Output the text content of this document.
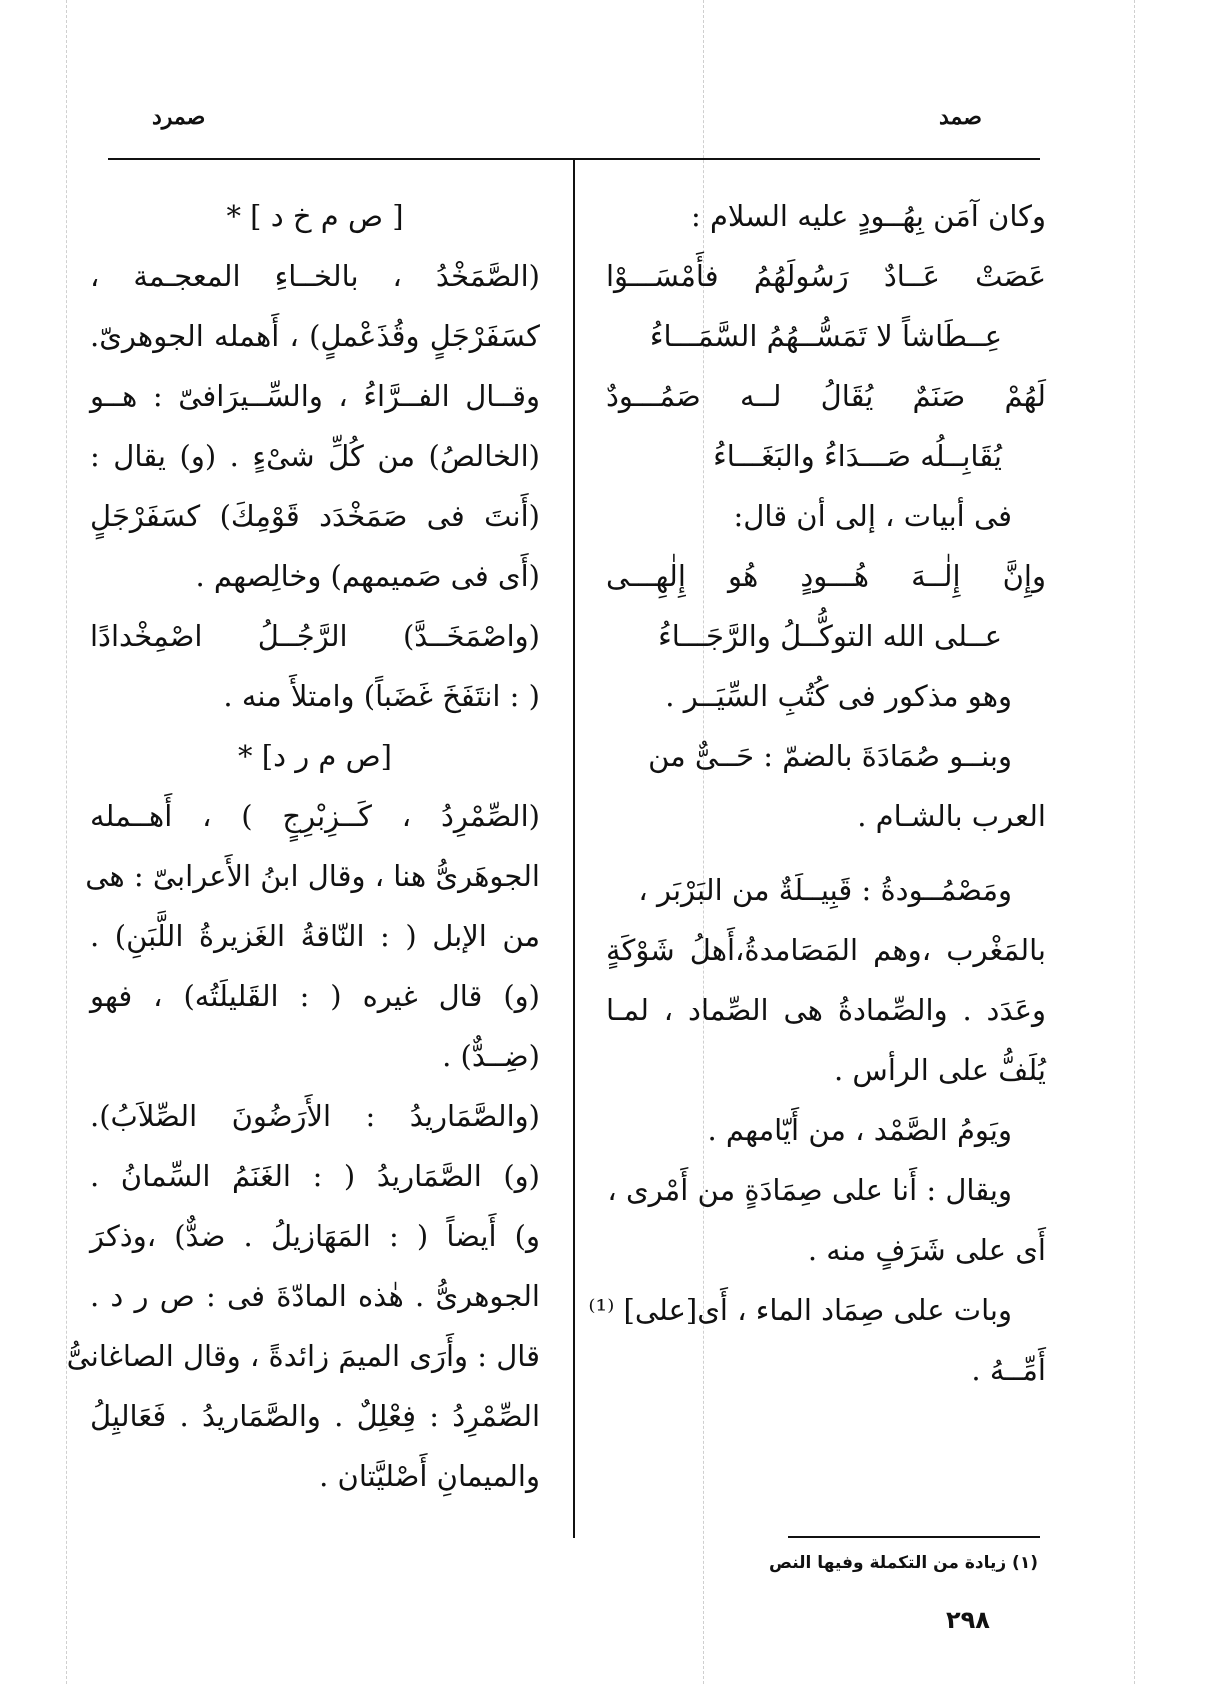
صمد
صمرد
وكان آمَن بِهُــودٍ عليه السلام :
عَصَتْ عَــادٌ رَسُولَهُمُ فأَمْسَـــوْا
عِــطَاشاً لا تَمَسُّــهُمُ السَّمَـــاءُ
لَهُمْ صَنَمٌ يُقَالُ لــه صَمُـــودٌ
يُقَابِــلُه صَـــدَاءُ والبَغَـــاءُ
فى أبيات ، إلى أن قال:
وإِنَّ إِلٰــهَ هُـــودٍ هُو إِلٰهِـــى
عــلى الله التوكُّــلُ والرَّجَـــاءُ
وهو مذكور فى كُتُبِ السِّيَــر .
وبنــو صُمَادَةَ بالضمّ : حَــىٌّ من
العرب بالشـام .
ومَصْمُــودةُ : قَبِيــلَةٌ من البَرْبَر ،
بالمَغْرب ،وهم المَصَامدةُ،أَهلُ شَوْكَةٍ
وعَدَد . والصِّمادةُ هى الصِّماد ، لمـا
يُلَفُّ على الرأس .
ويَومُ الصَّمْد ، من أَيّامهم .
ويقال : أَنا على صِمَادَةٍ من أَمْرى ،
أَى على شَرَفٍ منه .
وبات على صِمَاد الماء ، أَى[على] ⁽¹⁾
أَمِّــهُ .
[ ص م خ د ] *
(الصَّمَخْدُ ، بالخــاءِ المعجـمة ،
كسَفَرْجَلٍ وقُذَعْملٍ) ، أَهمله الجوهرىّ.
وقــال الفــرَّاءُ ، والسِّــيرَافىّ : هــو
(الخالصُ) من كُلِّ شىْءٍ . (و) يقال :
(أَنتَ فى صَمَخْدَد قَوْمِكَ) كسَفَرْجَلٍ
(أَى فى صَميمهم) وخالِصهم .
(واصْمَخَــدَّ) الرَّجُــلُ اصْمِخْدادًا
( : انتَفَخَ غَضَباً) وامتلأَ منه .
[ص م ر د] *
(الصِّمْرِدُ ، كَــزِبْرِجٍ ) ، أَهــمله
الجوهَرىُّ هنا ، وقال ابنُ الأَعرابىّ : هى
من الإبل ( : النّاقةُ الغَزيرةُ اللَّبَنِ) .
(و) قال غيره ( : القَليلَتُه) ، فهو
(ضِــدٌّ) .
(والصَّمَاريدُ : الأَرَضُونَ الصِّلاَبُ).
(و) الصَّمَاريدُ ( : الغَنَمُ السِّمانُ .
و) أَيضاً ( : المَهَازيلُ . ضدٌّ) ،وذكرَ
الجوهرىُّ . هٰذه المادّةَ فى : ص ر د .
قال : وأَرَى الميمَ زائدةً ، وقال الصاغانىُّ
الصِّمْرِدُ : فِعْلِلٌ . والصَّمَاريدُ . فَعَاليِلُ
والميمانِ أَصْليَّتان .
(١) زيادة من التكملة وفيها النص
٢٩٨
